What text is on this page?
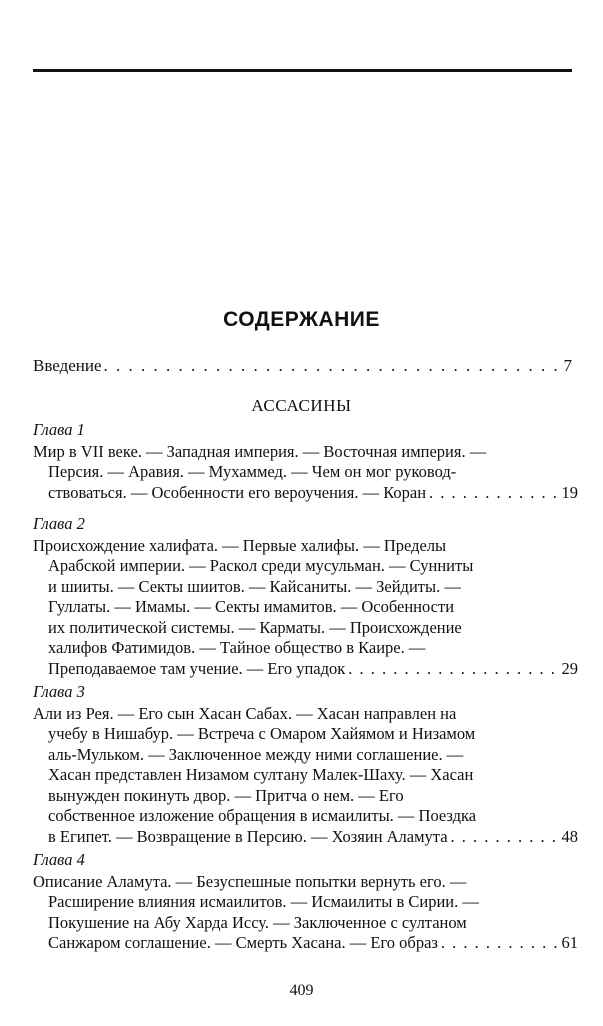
СОДЕРЖАНИЕ
Введение . . .	7
АССАСИНЫ
Глава 1
Мир в VII веке. — Западная империя. — Восточная империя. —
Персия. — Аравия. — Мухаммед. — Чем он мог руковод-
ствоваться. — Особенности его вероучения. — Коран . . .	19
Глава 2
Происхождение халифата. — Первые халифы. — Пределы
Арабской империи. — Раскол среди мусульман. — Сунниты
и шииты. — Секты шиитов. — Кайсаниты. — Зейдиты. —
Гуллаты. — Имамы. — Секты имамитов. — Особенности
их политической системы. — Карматы. — Происхождение
халифов Фатимидов. — Тайное общество в Каире. —
Преподаваемое там учение. — Его упадок . . .	29
Глава 3
Али из Рея. — Его сын Хасан Сабах. — Хасан направлен на
учебу в Нишабур. — Встреча с Омаром Хайямом и Низамом
аль-Мульком. — Заключенное между ними соглашение. —
Хасан представлен Низамом султану Малек-Шаху. — Хасан
вынужден покинуть двор. — Притча о нем. — Его
собственное изложение обращения в исмаилиты. — Поездка
в Египет. — Возвращение в Персию. — Хозяин Аламута . . .	48
Глава 4
Описание Аламута. — Безуспешные попытки вернуть его. —
Расширение влияния исмаилитов. — Исмаилиты в Сирии. —
Покушение на Абу Харда Иссу. — Заключенное с султаном
Санжаром соглашение. — Смерть Хасана. — Его образ . . .	61
409
